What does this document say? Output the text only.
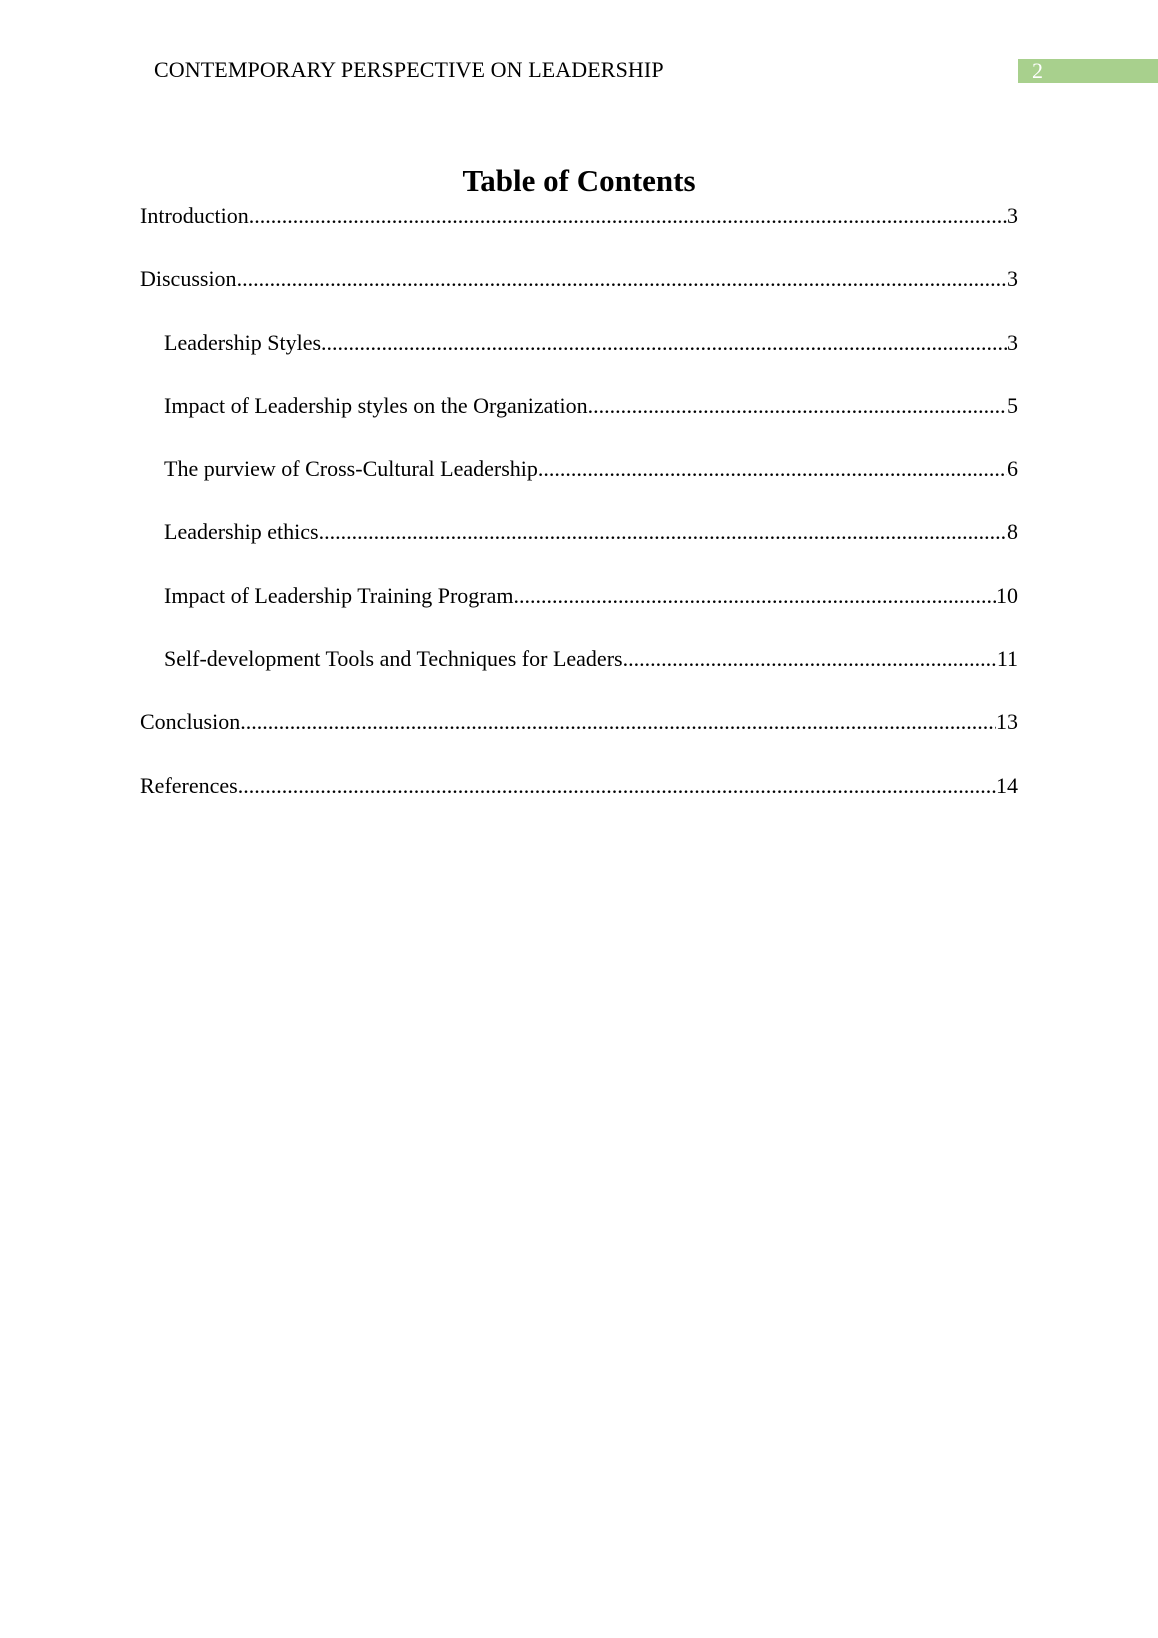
CONTEMPORARY PERSPECTIVE ON LEADERSHIP	2
Table of Contents
Introduction .....	3
Discussion .....	3
Leadership Styles .....	3
Impact of Leadership styles on the Organization .....	5
The purview of Cross-Cultural Leadership .....	6
Leadership ethics .....	8
Impact of Leadership Training Program .....	10
Self-development Tools and Techniques for Leaders .....	11
Conclusion .....	13
References .....	14
